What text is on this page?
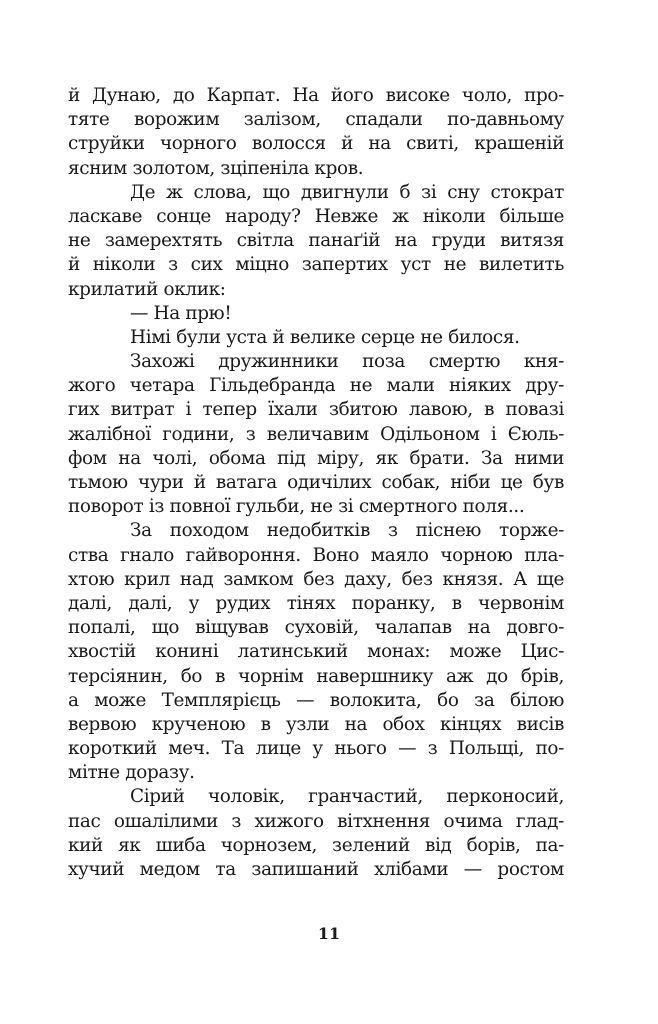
й Дунаю, до Карпат. На його високе чоло, про-
тяте ворожим залізом, спадали по-давньому
струйки чорного волосся й на свиті, крашеній
ясним золотом, зціпеніла кров.
Де ж слова, що двигнули б зі сну стократ
ласкаве сонце народу? Невже ж ніколи більше
не замерехтять світла панаґій на груди витязя
й ніколи з сих міцно запертих уст не вилетить
крилатий оклик:
— На прю!
Німі були уста й велике серце не билося.
Захожі дружинники поза смертю кня-
жого четара Гільдебранда не мали ніяких дру-
гих витрат і тепер їхали збитою лавою, в повазі
жалібної години, з величавим Одільоном і Єюль-
фом на чолі, обома під міру, як брати. За ними
тьмою чури й ватага одичілих собак, ніби це був
поворот із повної гульби, не зі смертного поля...
За походом недобитків з піснею торже-
ства гнало гайвороння. Воно маяло чорною пла-
хтою крил над замком без даху, без князя. А ще
далі, далі, у рудих тінях поранку, в червонім
попалі, що віщував суховій, чалапав на довго-
хвостій конині латинський монах: може Цис-
терсіянин, бо в чорнім навершнику аж до брів,
а може Темплярієць — волокита, бо за білою
вервою крученою в узли на обох кінцях висів
короткий меч. Та лице у нього — з Польщі, по-
мітне доразу.
Сірий чоловік, гранчастий, перконосий,
пас ошалілими з хижого вітхнення очима глад-
кий як шиба чорнозем, зелений від борів, па-
хучий медом та запишаний хлібами — ростом
11
